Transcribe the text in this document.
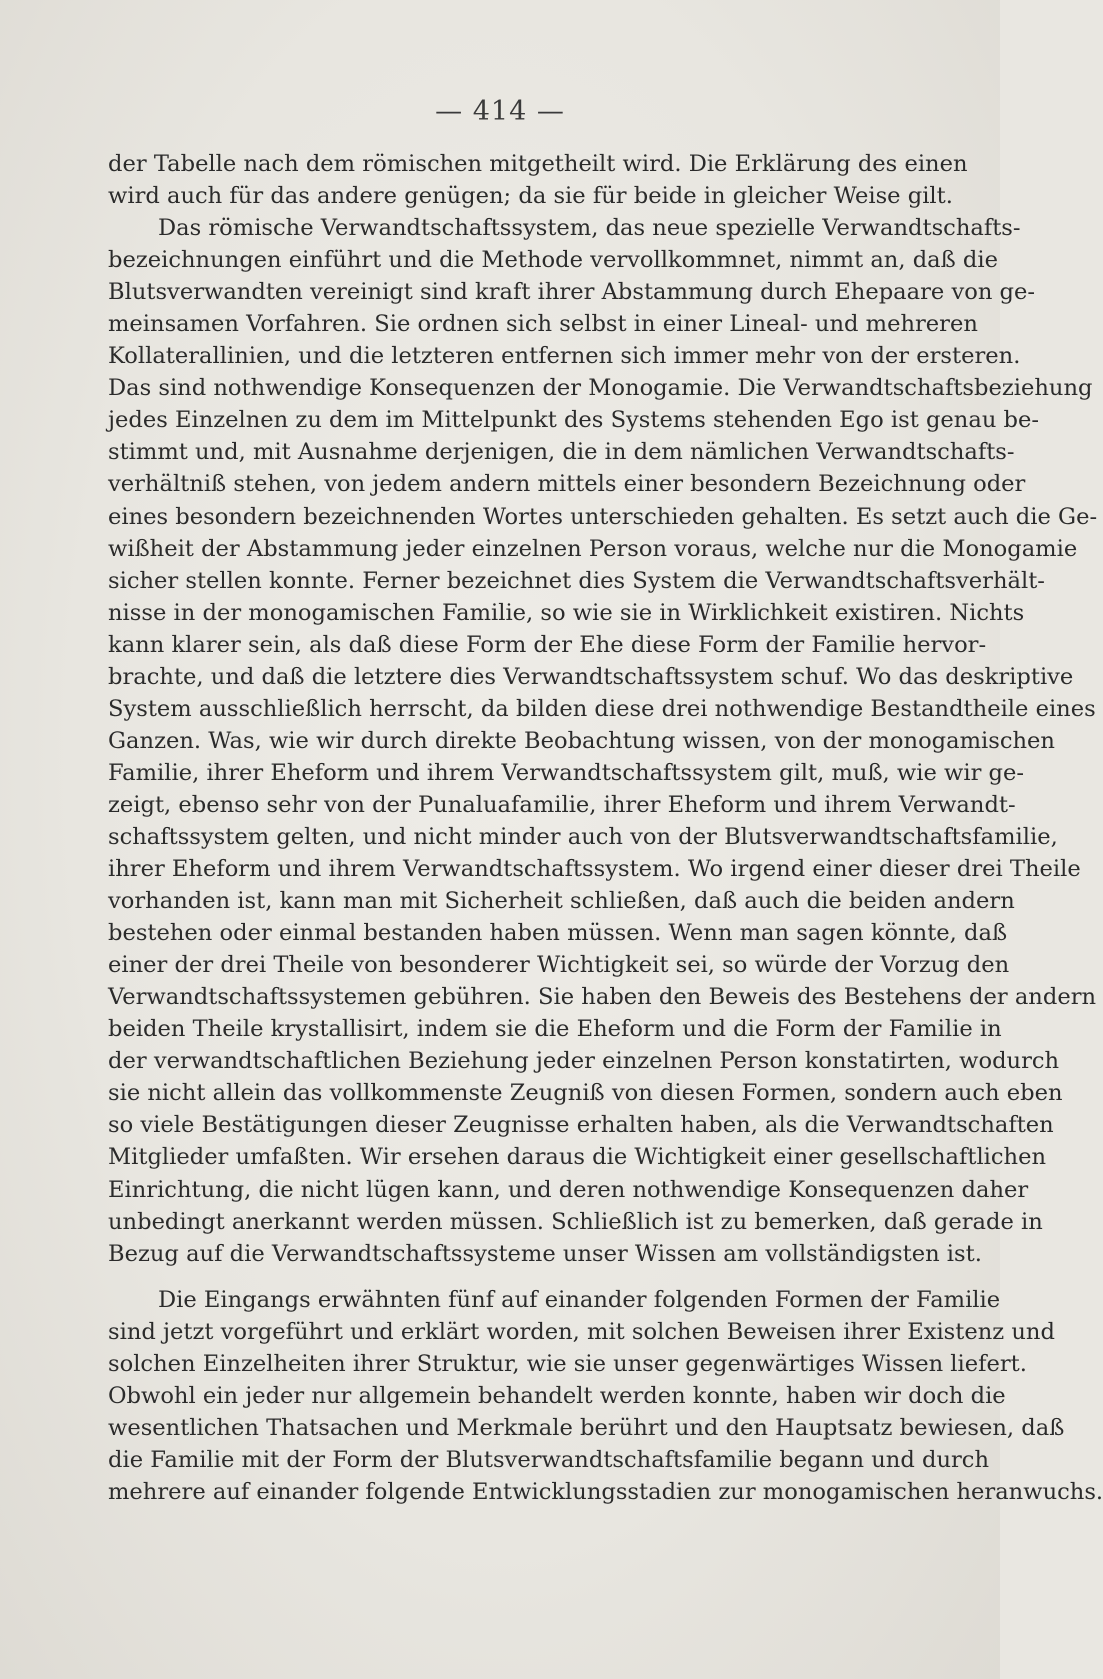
— 414 —

der Tabelle nach dem römischen mitgetheilt wird. Die Erklärung des einen
wird auch für das andere genügen; da sie für beide in gleicher Weise gilt.

Das römische Verwandtschaftssystem, das neue spezielle Verwandtschafts-
bezeichnungen einführt und die Methode vervollkommnet, nimmt an, daß die
Blutsverwandten vereinigt sind kraft ihrer Abstammung durch Ehepaare von ge-
meinsamen Vorfahren. Sie ordnen sich selbst in einer Lineal- und mehreren
Kollaterallinien, und die letzteren entfernen sich immer mehr von der ersteren.
Das sind nothwendige Konsequenzen der Monogamie. Die Verwandtschaftsbeziehung
jedes Einzelnen zu dem im Mittelpunkt des Systems stehenden Ego ist genau be-
stimmt und, mit Ausnahme derjenigen, die in dem nämlichen Verwandtschafts-
verhältniß stehen, von jedem andern mittels einer besondern Bezeichnung oder
eines besondern bezeichnenden Wortes unterschieden gehalten. Es setzt auch die Ge-
wißheit der Abstammung jeder einzelnen Person voraus, welche nur die Monogamie
sicher stellen konnte. Ferner bezeichnet dies System die Verwandtschaftsverhält-
nisse in der monogamischen Familie, so wie sie in Wirklichkeit existiren. Nichts
kann klarer sein, als daß diese Form der Ehe diese Form der Familie hervor-
brachte, und daß die letztere dies Verwandtschaftssystem schuf. Wo das deskriptive
System ausschließlich herrscht, da bilden diese drei nothwendige Bestandtheile eines
Ganzen. Was, wie wir durch direkte Beobachtung wissen, von der monogamischen
Familie, ihrer Eheform und ihrem Verwandtschaftssystem gilt, muß, wie wir ge-
zeigt, ebenso sehr von der Punaluafamilie, ihrer Eheform und ihrem Verwandt-
schaftssystem gelten, und nicht minder auch von der Blutsverwandtschaftsfamilie,
ihrer Eheform und ihrem Verwandtschaftssystem. Wo irgend einer dieser drei Theile
vorhanden ist, kann man mit Sicherheit schließen, daß auch die beiden andern
bestehen oder einmal bestanden haben müssen. Wenn man sagen könnte, daß
einer der drei Theile von besonderer Wichtigkeit sei, so würde der Vorzug den
Verwandtschaftssystemen gebühren. Sie haben den Beweis des Bestehens der andern
beiden Theile krystallisirt, indem sie die Eheform und die Form der Familie in
der verwandtschaftlichen Beziehung jeder einzelnen Person konstatirten, wodurch
sie nicht allein das vollkommenste Zeugniß von diesen Formen, sondern auch eben
so viele Bestätigungen dieser Zeugnisse erhalten haben, als die Verwandtschaften
Mitglieder umfaßten. Wir ersehen daraus die Wichtigkeit einer gesellschaftlichen
Einrichtung, die nicht lügen kann, und deren nothwendige Konsequenzen daher
unbedingt anerkannt werden müssen. Schließlich ist zu bemerken, daß gerade in
Bezug auf die Verwandtschaftssysteme unser Wissen am vollständigsten ist.

Die Eingangs erwähnten fünf auf einander folgenden Formen der Familie
sind jetzt vorgeführt und erklärt worden, mit solchen Beweisen ihrer Existenz und
solchen Einzelheiten ihrer Struktur, wie sie unser gegenwärtiges Wissen liefert.
Obwohl ein jeder nur allgemein behandelt werden konnte, haben wir doch die
wesentlichen Thatsachen und Merkmale berührt und den Hauptsatz bewiesen, daß
die Familie mit der Form der Blutsverwandtschaftsfamilie begann und durch
mehrere auf einander folgende Entwicklungsstadien zur monogamischen heranwuchs.
